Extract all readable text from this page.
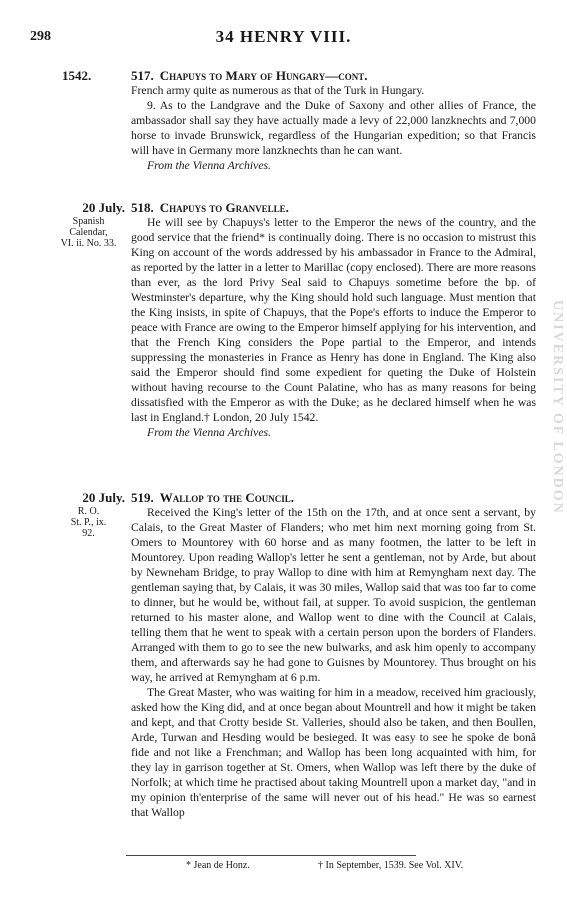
298	34 HENRY VIII.
1542.	517. Chapuys to Mary of Hungary—cont.

French army quite as numerous as that of the Turk in Hungary.

9. As to the Landgrave and the Duke of Saxony and other allies of France, the ambassador shall say they have actually made a levy of 22,000 lanzknechts and 7,000 horse to invade Brunswick, regardless of the Hungarian expedition; so that Francis will have in Germany more lanzknechts than he can want.

From the Vienna Archives.

20 July.
Spanish
Calendar,
VI. ii. No. 33.
518. Chapuys to Granvelle.

He will see by Chapuys's letter to the Emperor the news of the country, and the good service that the friend* is continually doing. There is no occasion to mistrust this King on account of the words addressed by his ambassador in France to the Admiral, as reported by the latter in a letter to Marillac (copy enclosed). There are more reasons than ever, as the lord Privy Seal said to Chapuys sometime before the bp. of Westminster's departure, why the King should hold such language. Must mention that the King insists, in spite of Chapuys, that the Pope's efforts to induce the Emperor to peace with France are owing to the Emperor himself applying for his intervention, and that the French King considers the Pope partial to the Emperor, and intends suppressing the monasteries in France as Henry has done in England. The King also said the Emperor should find some expedient for queting the Duke of Holstein without having recourse to the Count Palatine, who has as many reasons for being dissatisfied with the Emperor as with the Duke; as he declared himself when he was last in England.† London, 20 July 1542.

From the Vienna Archives.

20 July.
R. O.
St. P., ix.
92.
519. Wallop to the Council.

Received the King's letter of the 15th on the 17th, and at once sent a servant, by Calais, to the Great Master of Flanders; who met him next morning going from St. Omers to Mountorey with 60 horse and as many footmen, the latter to be left in Mountorey. Upon reading Wallop's letter he sent a gentleman, not by Arde, but about by Newneham Bridge, to pray Wallop to dine with him at Remyngham next day. The gentleman saying that, by Calais, it was 30 miles, Wallop said that was too far to come to dinner, but he would be, without fail, at supper. To avoid suspicion, the gentleman returned to his master alone, and Wallop went to dine with the Council at Calais, telling them that he went to speak with a certain person upon the borders of Flanders. Arranged with them to go to see the new bulwarks, and ask him openly to accompany them, and afterwards say he had gone to Guisnes by Mountorey. Thus brought on his way, he arrived at Remyngham at 6 p.m.

The Great Master, who was waiting for him in a meadow, received him graciously, asked how the King did, and at once began about Mountrell and how it might be taken and kept, and that Crotty beside St. Valleries, should also be taken, and then Boullen, Arde, Turwan and Hesding would be besieged. It was easy to see he spoke de bonâ fide and not like a Frenchman; and Wallop has been long acquainted with him, for they lay in garrison together at St. Omers, when Wallop was left there by the duke of Norfolk; at which time he practised about taking Mountrell upon a market day, "and in my opinion th'enterprise of the same will never out of his head." He was so earnest that Wallop

UNIVERSITY OF LONDON
* Jean de Honz.	† In September, 1539. See Vol. XIV.
